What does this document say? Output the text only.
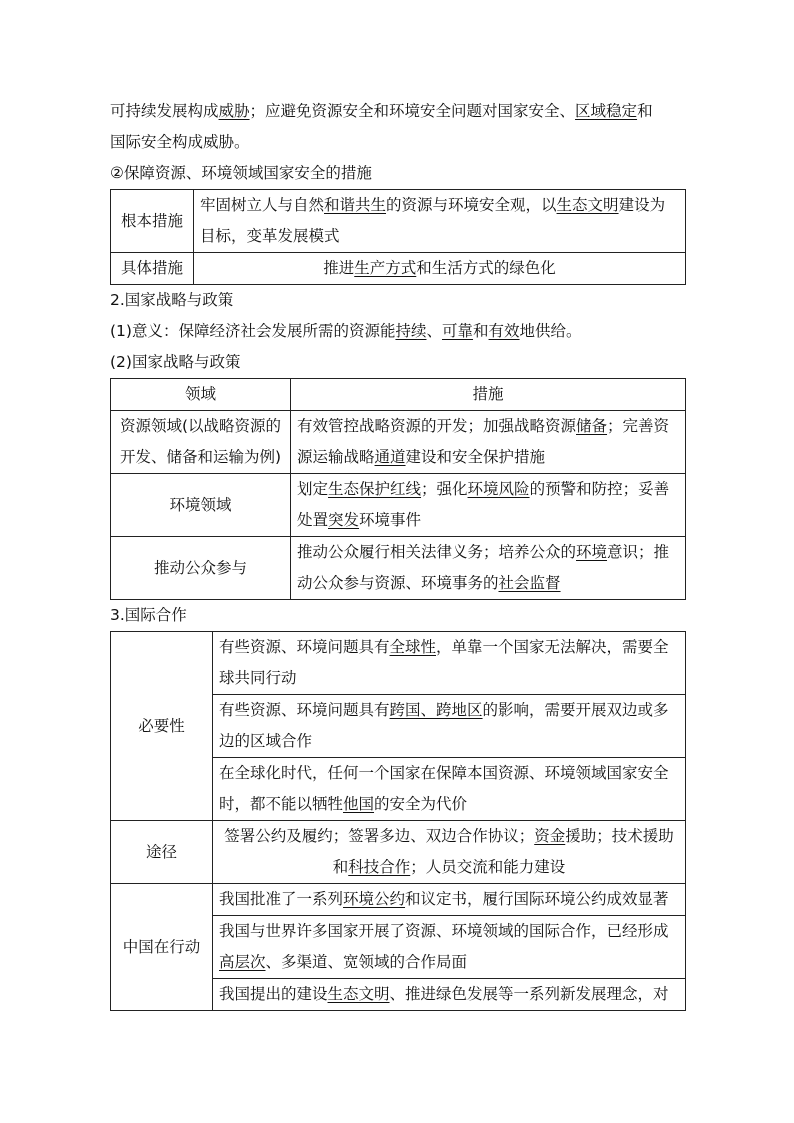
可持续发展构成威胁；应避免资源安全和环境安全问题对国家安全、区域稳定和
国际安全构成威胁。
②保障资源、环境领域国家安全的措施
根本措施	牢固树立人与自然和谐共生的资源与环境安全观，以生态文明建设为目标，变革发展模式
具体措施	推进生产方式和生活方式的绿色化
2.国家战略与政策
(1)意义：保障经济社会发展所需的资源能持续、可靠和有效地供给。
(2)国家战略与政策
领域	措施
资源领域(以战略资源的开发、储备和运输为例)	有效管控战略资源的开发；加强战略资源储备；完善资源运输战略通道建设和安全保护措施
环境领域	划定生态保护红线；强化环境风险的预警和防控；妥善处置突发环境事件
推动公众参与	推动公众履行相关法律义务；培养公众的环境意识；推动公众参与资源、环境事务的社会监督
3.国际合作
必要性	有些资源、环境问题具有全球性，单靠一个国家无法解决，需要全球共同行动
	有些资源、环境问题具有跨国、跨地区的影响，需要开展双边或多边的区域合作
	在全球化时代，任何一个国家在保障本国资源、环境领域国家安全时，都不能以牺牲他国的安全为代价
途径	签署公约及履约；签署多边、双边合作协议；资金援助；技术援助和科技合作；人员交流和能力建设
中国在行动	我国批准了一系列环境公约和议定书，履行国际环境公约成效显著
	我国与世界许多国家开展了资源、环境领域的国际合作，已经形成高层次、多渠道、宽领域的合作局面
	我国提出的建设生态文明、推进绿色发展等一系列新发展理念，对
